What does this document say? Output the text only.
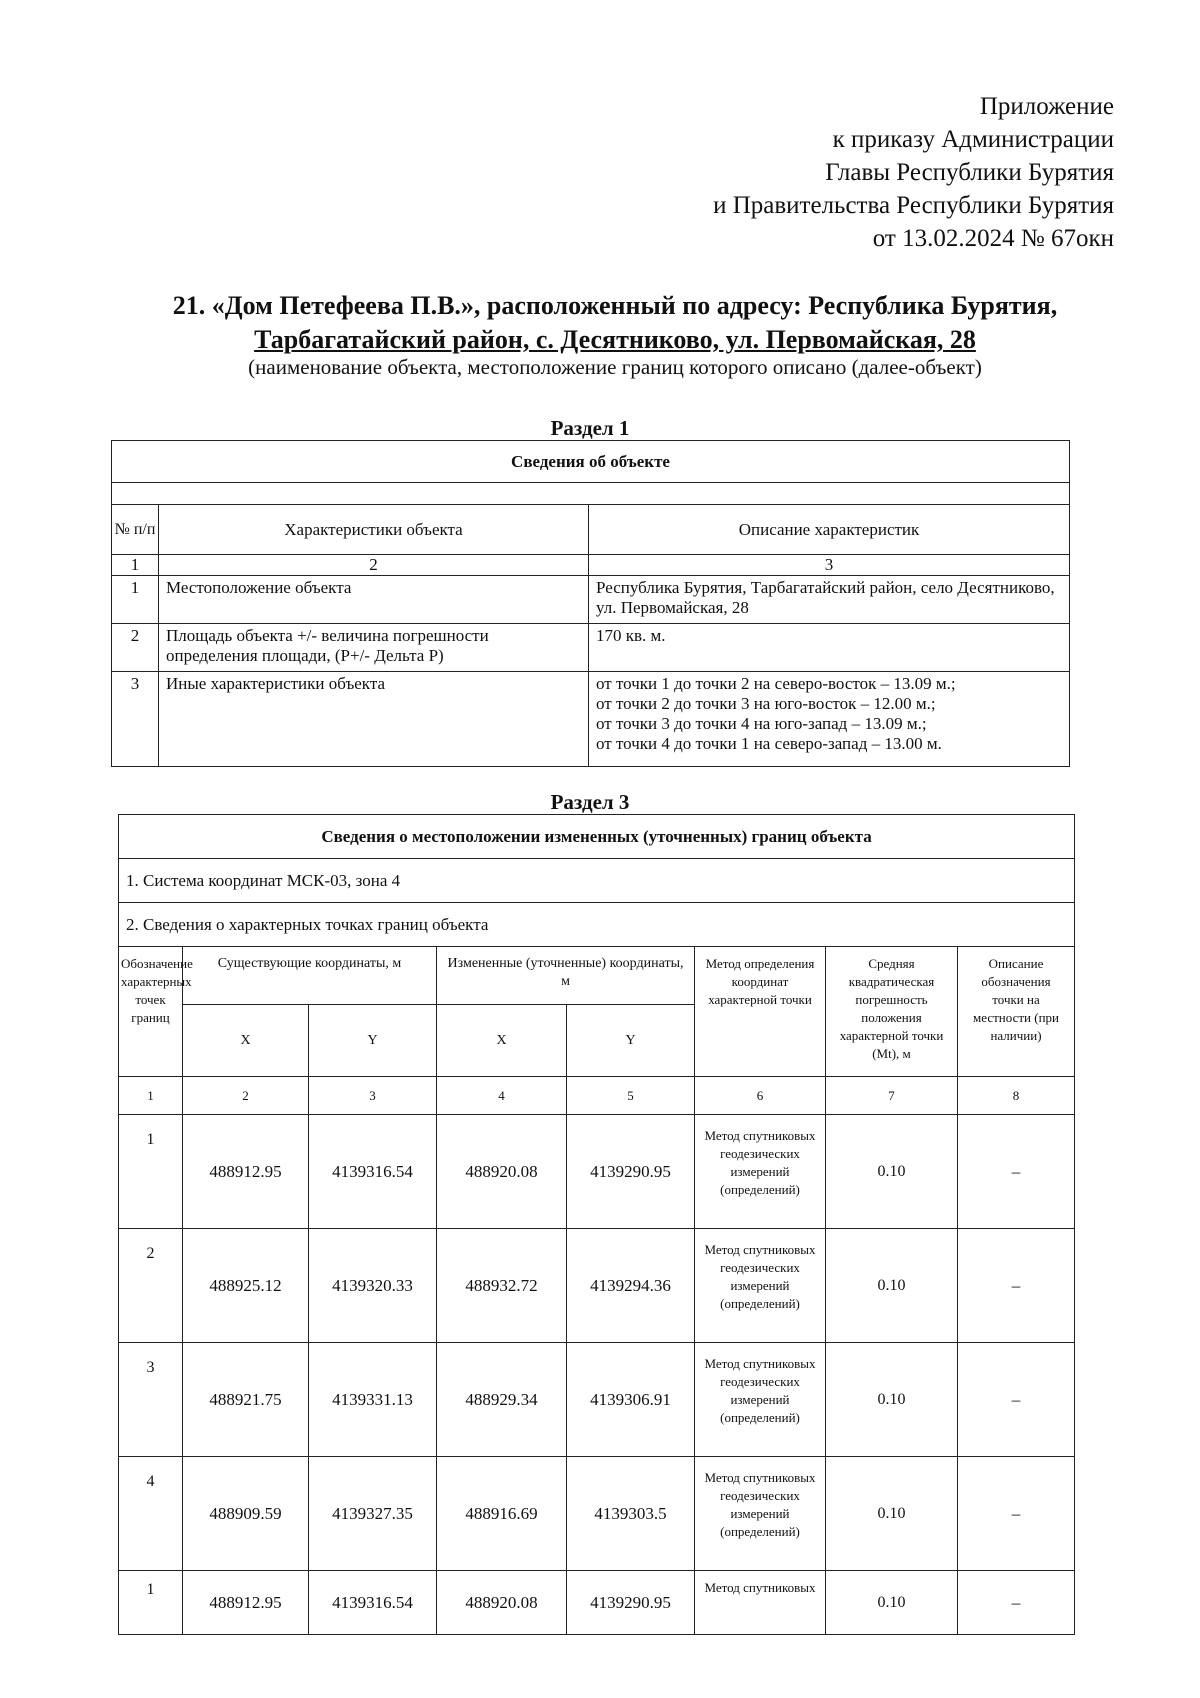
Приложение
к приказу Администрации
Главы Республики Бурятия
и Правительства Республики Бурятия
от 13.02.2024 № 67окн
21. «Дом Петефеева П.В.», расположенный по адресу: Республика Бурятия,
Тарбагатайский район, с. Десятниково, ул. Первомайская, 28
(наименование объекта, местоположение границ которого описано (далее-объект)
Раздел 1
Сведения об объекте		

№ п/п	Характеристики объекта	Описание характеристик
1	2	3
1	Местоположение объекта	Республика Бурятия, Тарбагатайский район, село Десятниково, ул. Первомайская, 28
2	Площадь объекта +/- величина погрешности определения площади, (Р+/- Дельта Р)	170 кв. м.
3	Иные характеристики объекта	от точки 1 до точки 2 на северо-восток – 13.09 м.;
от точки 2 до точки 3 на юго-восток – 12.00 м.;
от точки 3 до точки 4 на юго-запад – 13.09 м.;
от точки 4 до точки 1 на северо-запад – 13.00 м.
Раздел 3
Сведения о местоположении измененных (уточненных) границ объекта							
1. Система координат МСК-03, зона 4							
2. Сведения о характерных точках границ объекта							
Обозначение характерных точек границ	Существующие координаты, м		Измененные (уточненные) координаты, м		Метод определения координат характерной точки	Средняя квадратическая погрешность положения характерной точки (Mt), м	Описание обозначения точки на местности (при наличии)
	X	Y	X	Y			
1	2	3	4	5	6	7	8
1	488912.95	4139316.54	488920.08	4139290.95	Метод спутниковых геодезических измерений (определений)	0.10	–
2	488925.12	4139320.33	488932.72	4139294.36	Метод спутниковых геодезических измерений (определений)	0.10	–
3	488921.75	4139331.13	488929.34	4139306.91	Метод спутниковых геодезических измерений (определений)	0.10	–
4	488909.59	4139327.35	488916.69	4139303.5	Метод спутниковых геодезических измерений (определений)	0.10	–
1	488912.95	4139316.54	488920.08	4139290.95	Метод спутниковых	0.10	–
